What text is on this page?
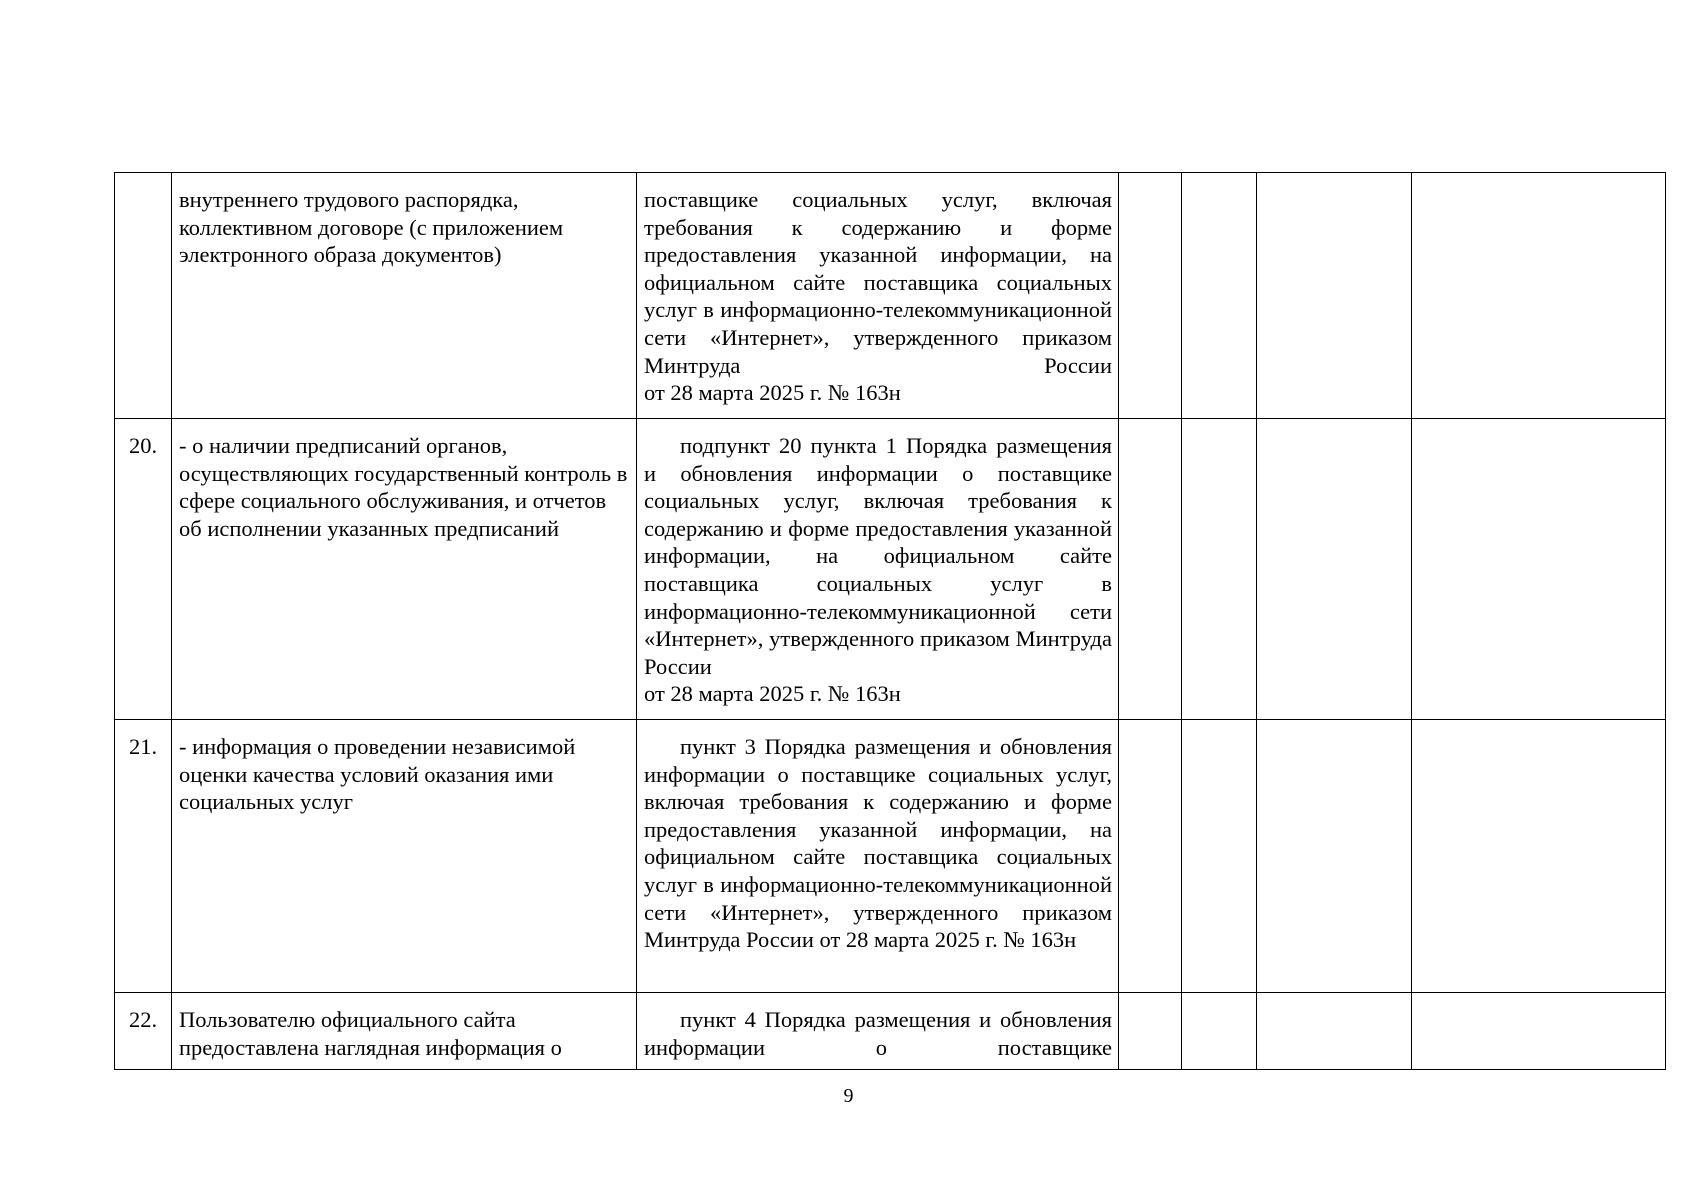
	внутреннего трудового распорядка, коллективном договоре (с приложением электронного образа документов)	поставщике социальных услуг, включая требования к содержанию и форме предоставления указанной информации, на официальном сайте поставщика социальных услуг в информационно-телекоммуникационной сети «Интернет», утвержденного приказом Минтруда России
от 28 марта 2025 г. № 163н				

20.	- о наличии предписаний органов, осуществляющих государственный контроль в сфере социального обслуживания, и отчетов об исполнении указанных предписаний	подпункт 20 пункта 1 Порядка размещения и обновления информации о поставщике социальных услуг, включая требования к содержанию и форме предоставления указанной информации, на официальном сайте поставщика социальных услуг в информационно-телекоммуникационной сети «Интернет», утвержденного приказом Минтруда России
от 28 марта 2025 г. № 163н				

21.	- информация о проведении независимой оценки качества условий оказания ими социальных услуг	пункт 3 Порядка размещения и обновления информации о поставщике социальных услуг, включая требования к содержанию и форме предоставления указанной информации, на официальном сайте поставщика социальных услуг в информационно-телекоммуникационной сети «Интернет», утвержденного приказом
Минтруда России от 28 марта 2025 г. № 163н				

22.	Пользователю официального сайта предоставлена наглядная информация о	пункт 4 Порядка размещения и обновления информации о поставщике				
9
